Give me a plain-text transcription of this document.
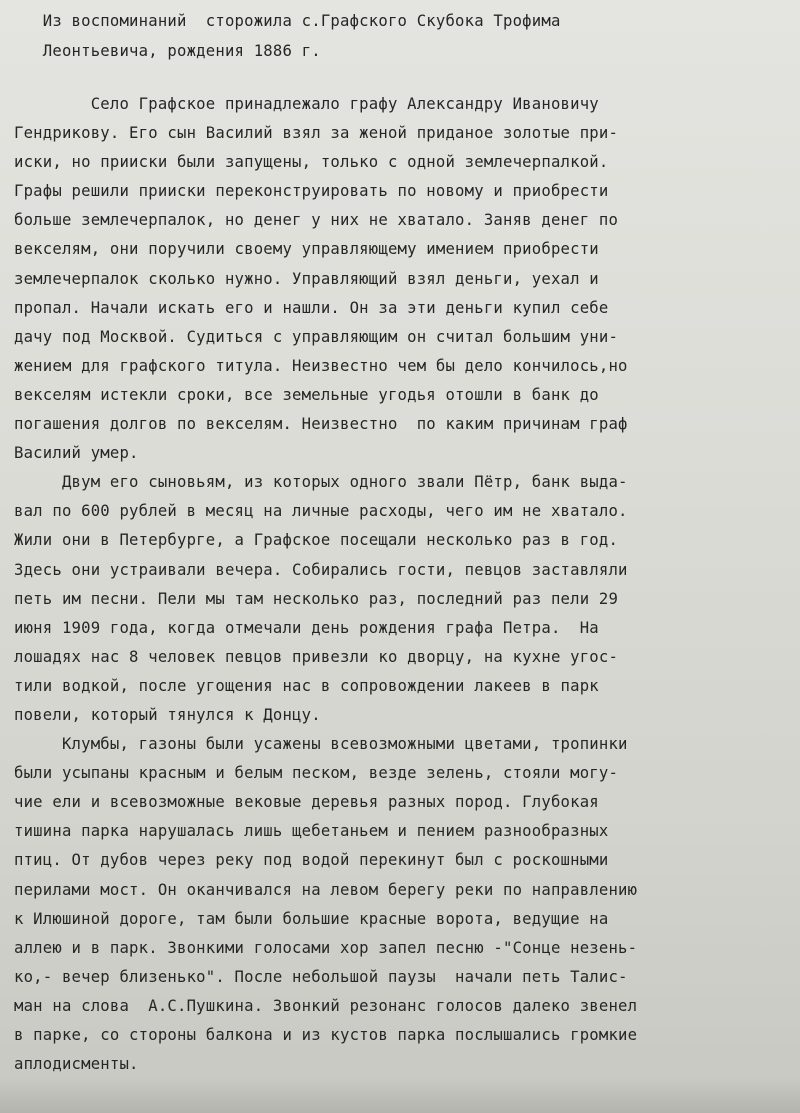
Из воспоминаний  сторожила с.Графского Скубока Трофима
Леонтьевича, рождения 1886 г.
Село Графское принадлежало графу Александру Ивановичу
Гендрикову. Его сын Василий взял за женой приданое золотые при-
иски, но прииски были запущены, только с одной землечерпалкой.
Графы решили прииски переконструировать по новому и приобрести
больше землечерпалок, но денег у них не хватало. Заняв денег по
векселям, они поручили своему управляющему имением приобрести
землечерпалок сколько нужно. Управляющий взял деньги, уехал и
пропал. Начали искать его и нашли. Он за эти деньги купил себе
дачу под Москвой. Судиться с управляющим он считал большим уни-
жением для графского титула. Неизвестно чем бы дело кончилось,но
векселям истекли сроки, все земельные угодья отошли в банк до
погашения долгов по векселям. Неизвестно  по каким причинам граф
Василий умер.
Двум его сыновьям, из которых одного звали Пётр, банк выда-
вал по 600 рублей в месяц на личные расходы, чего им не хватало.
Жили они в Петербурге, а Графское посещали несколько раз в год.
Здесь они устраивали вечера. Собирались гости, певцов заставляли
петь им песни. Пели мы там несколько раз, последний раз пели 29
июня 1909 года, когда отмечали день рождения графа Петра.  На
лошадях нас 8 человек певцов привезли ко дворцу, на кухне угос-
тили водкой, после угощения нас в сопровождении лакеев в парк
повели, который тянулся к Донцу.
Клумбы, газоны были усажены всевозможными цветами, тропинки
были усыпаны красным и белым песком, везде зелень, стояли могу-
чие ели и всевозможные вековые деревья разных пород. Глубокая
тишина парка нарушалась лишь щебетаньем и пением разнообразных
птиц. От дубов через реку под водой перекинут был с роскошными
перилами мост. Он оканчивался на левом берегу реки по направлению
к Илюшиной дороге, там были большие красные ворота, ведущие на
аллею и в парк. Звонкими голосами хор запел песню -"Сонце незень-
ко,- вечер близенько". После небольшой паузы  начали петь Талис-
ман на слова  А.С.Пушкина. Звонкий резонанс голосов далеко звенел
в парке, со стороны балкона и из кустов парка послышались громкие
аплодисменты.
